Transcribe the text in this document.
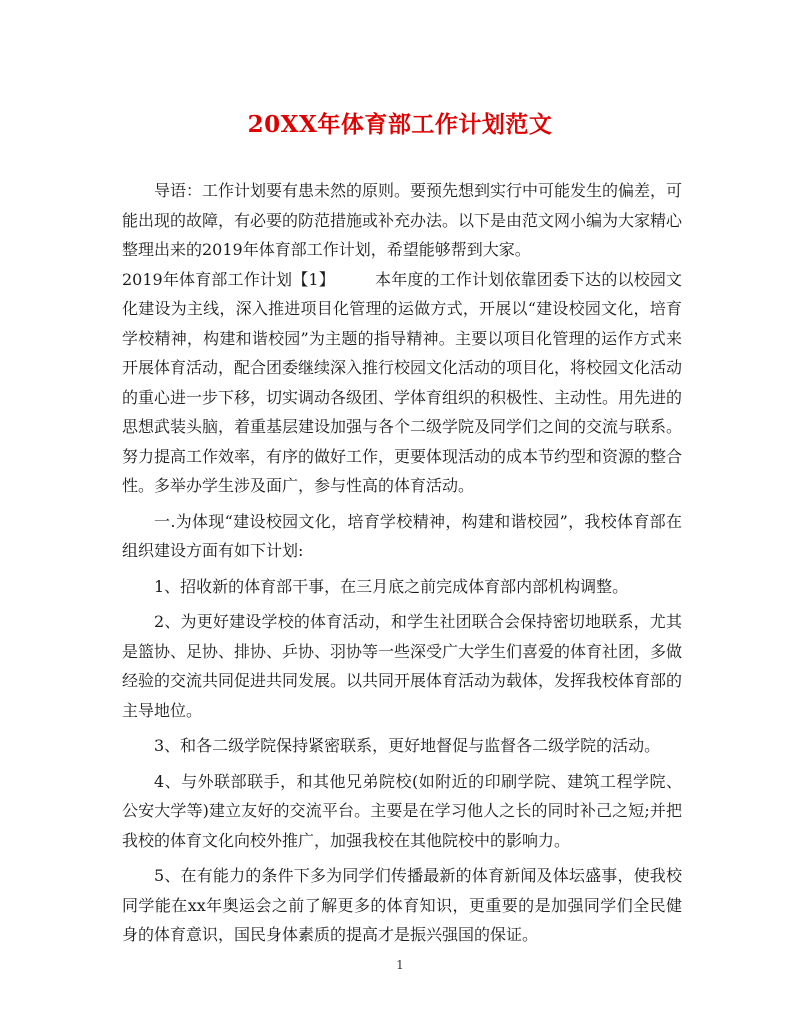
20XX年体育部工作计划范文

导语：工作计划要有患未然的原则。要预先想到实行中可能发生的偏差，可能出现的故障，有必要的防范措施或补充办法。以下是由范文网小编为大家精心整理出来的2019年体育部工作计划，希望能够帮到大家。

2019年体育部工作计划【1】	本年度的工作计划依靠团委下达的以校园文化建设为主线，深入推进项目化管理的运做方式，开展以“建设校园文化，培育学校精神，构建和谐校园”为主题的指导精神。主要以项目化管理的运作方式来开展体育活动，配合团委继续深入推行校园文化活动的项目化，将校园文化活动的重心进一步下移，切实调动各级团、学体育组织的积极性、主动性。用先进的思想武装头脑，着重基层建设加强与各个二级学院及同学们之间的交流与联系。努力提高工作效率，有序的做好工作，更要体现活动的成本节约型和资源的整合性。多举办学生涉及面广，参与性高的体育活动。

一.为体现“建设校园文化，培育学校精神，构建和谐校园”，我校体育部在组织建设方面有如下计划:

1、招收新的体育部干事，在三月底之前完成体育部内部机构调整。

2、为更好建设学校的体育活动，和学生社团联合会保持密切地联系，尤其是篮协、足协、排协、乒协、羽协等一些深受广大学生们喜爱的体育社团，多做经验的交流共同促进共同发展。以共同开展体育活动为载体，发挥我校体育部的主导地位。

3、和各二级学院保持紧密联系，更好地督促与监督各二级学院的活动。

4、与外联部联手，和其他兄弟院校(如附近的印刷学院、建筑工程学院、公安大学等)建立友好的交流平台。主要是在学习他人之长的同时补己之短;并把我校的体育文化向校外推广，加强我校在其他院校中的影响力。

5、在有能力的条件下多为同学们传播最新的体育新闻及体坛盛事，使我校同学能在xx年奥运会之前了解更多的体育知识，更重要的是加强同学们全民健身的体育意识，国民身体素质的提高才是振兴强国的保证。

1
